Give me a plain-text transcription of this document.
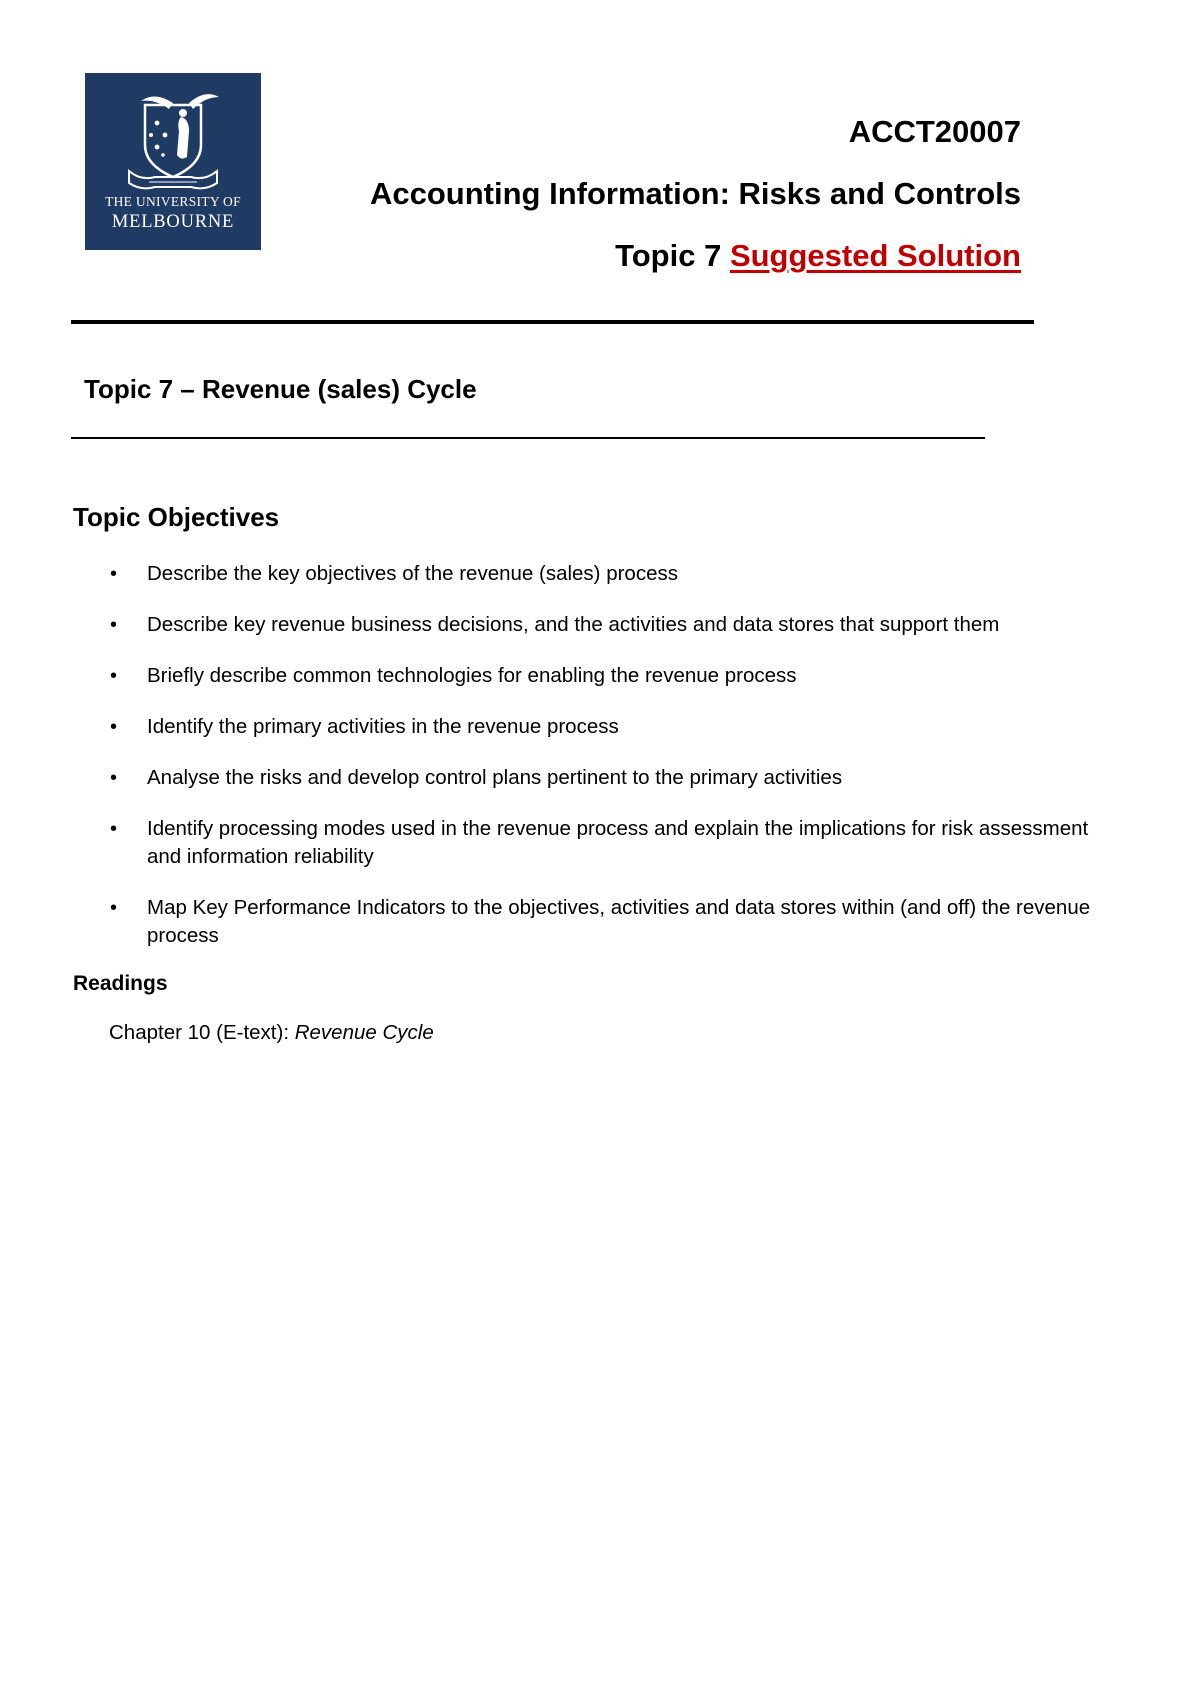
THE UNIVERSITY OF
MELBOURNE
ACCT20007
Accounting Information: Risks and Controls
Topic 7 Suggested Solution
Topic 7 – Revenue (sales) Cycle
Topic Objectives
• Describe the key objectives of the revenue (sales) process
• Describe key revenue business decisions, and the activities and data stores that support them
• Briefly describe common technologies for enabling the revenue process
• Identify the primary activities in the revenue process
• Analyse the risks and develop control plans pertinent to the primary activities
• Identify processing modes used in the revenue process and explain the implications for risk assessment and information reliability
• Map Key Performance Indicators to the objectives, activities and data stores within (and off) the revenue process
Readings
Chapter 10 (E-text): Revenue Cycle
